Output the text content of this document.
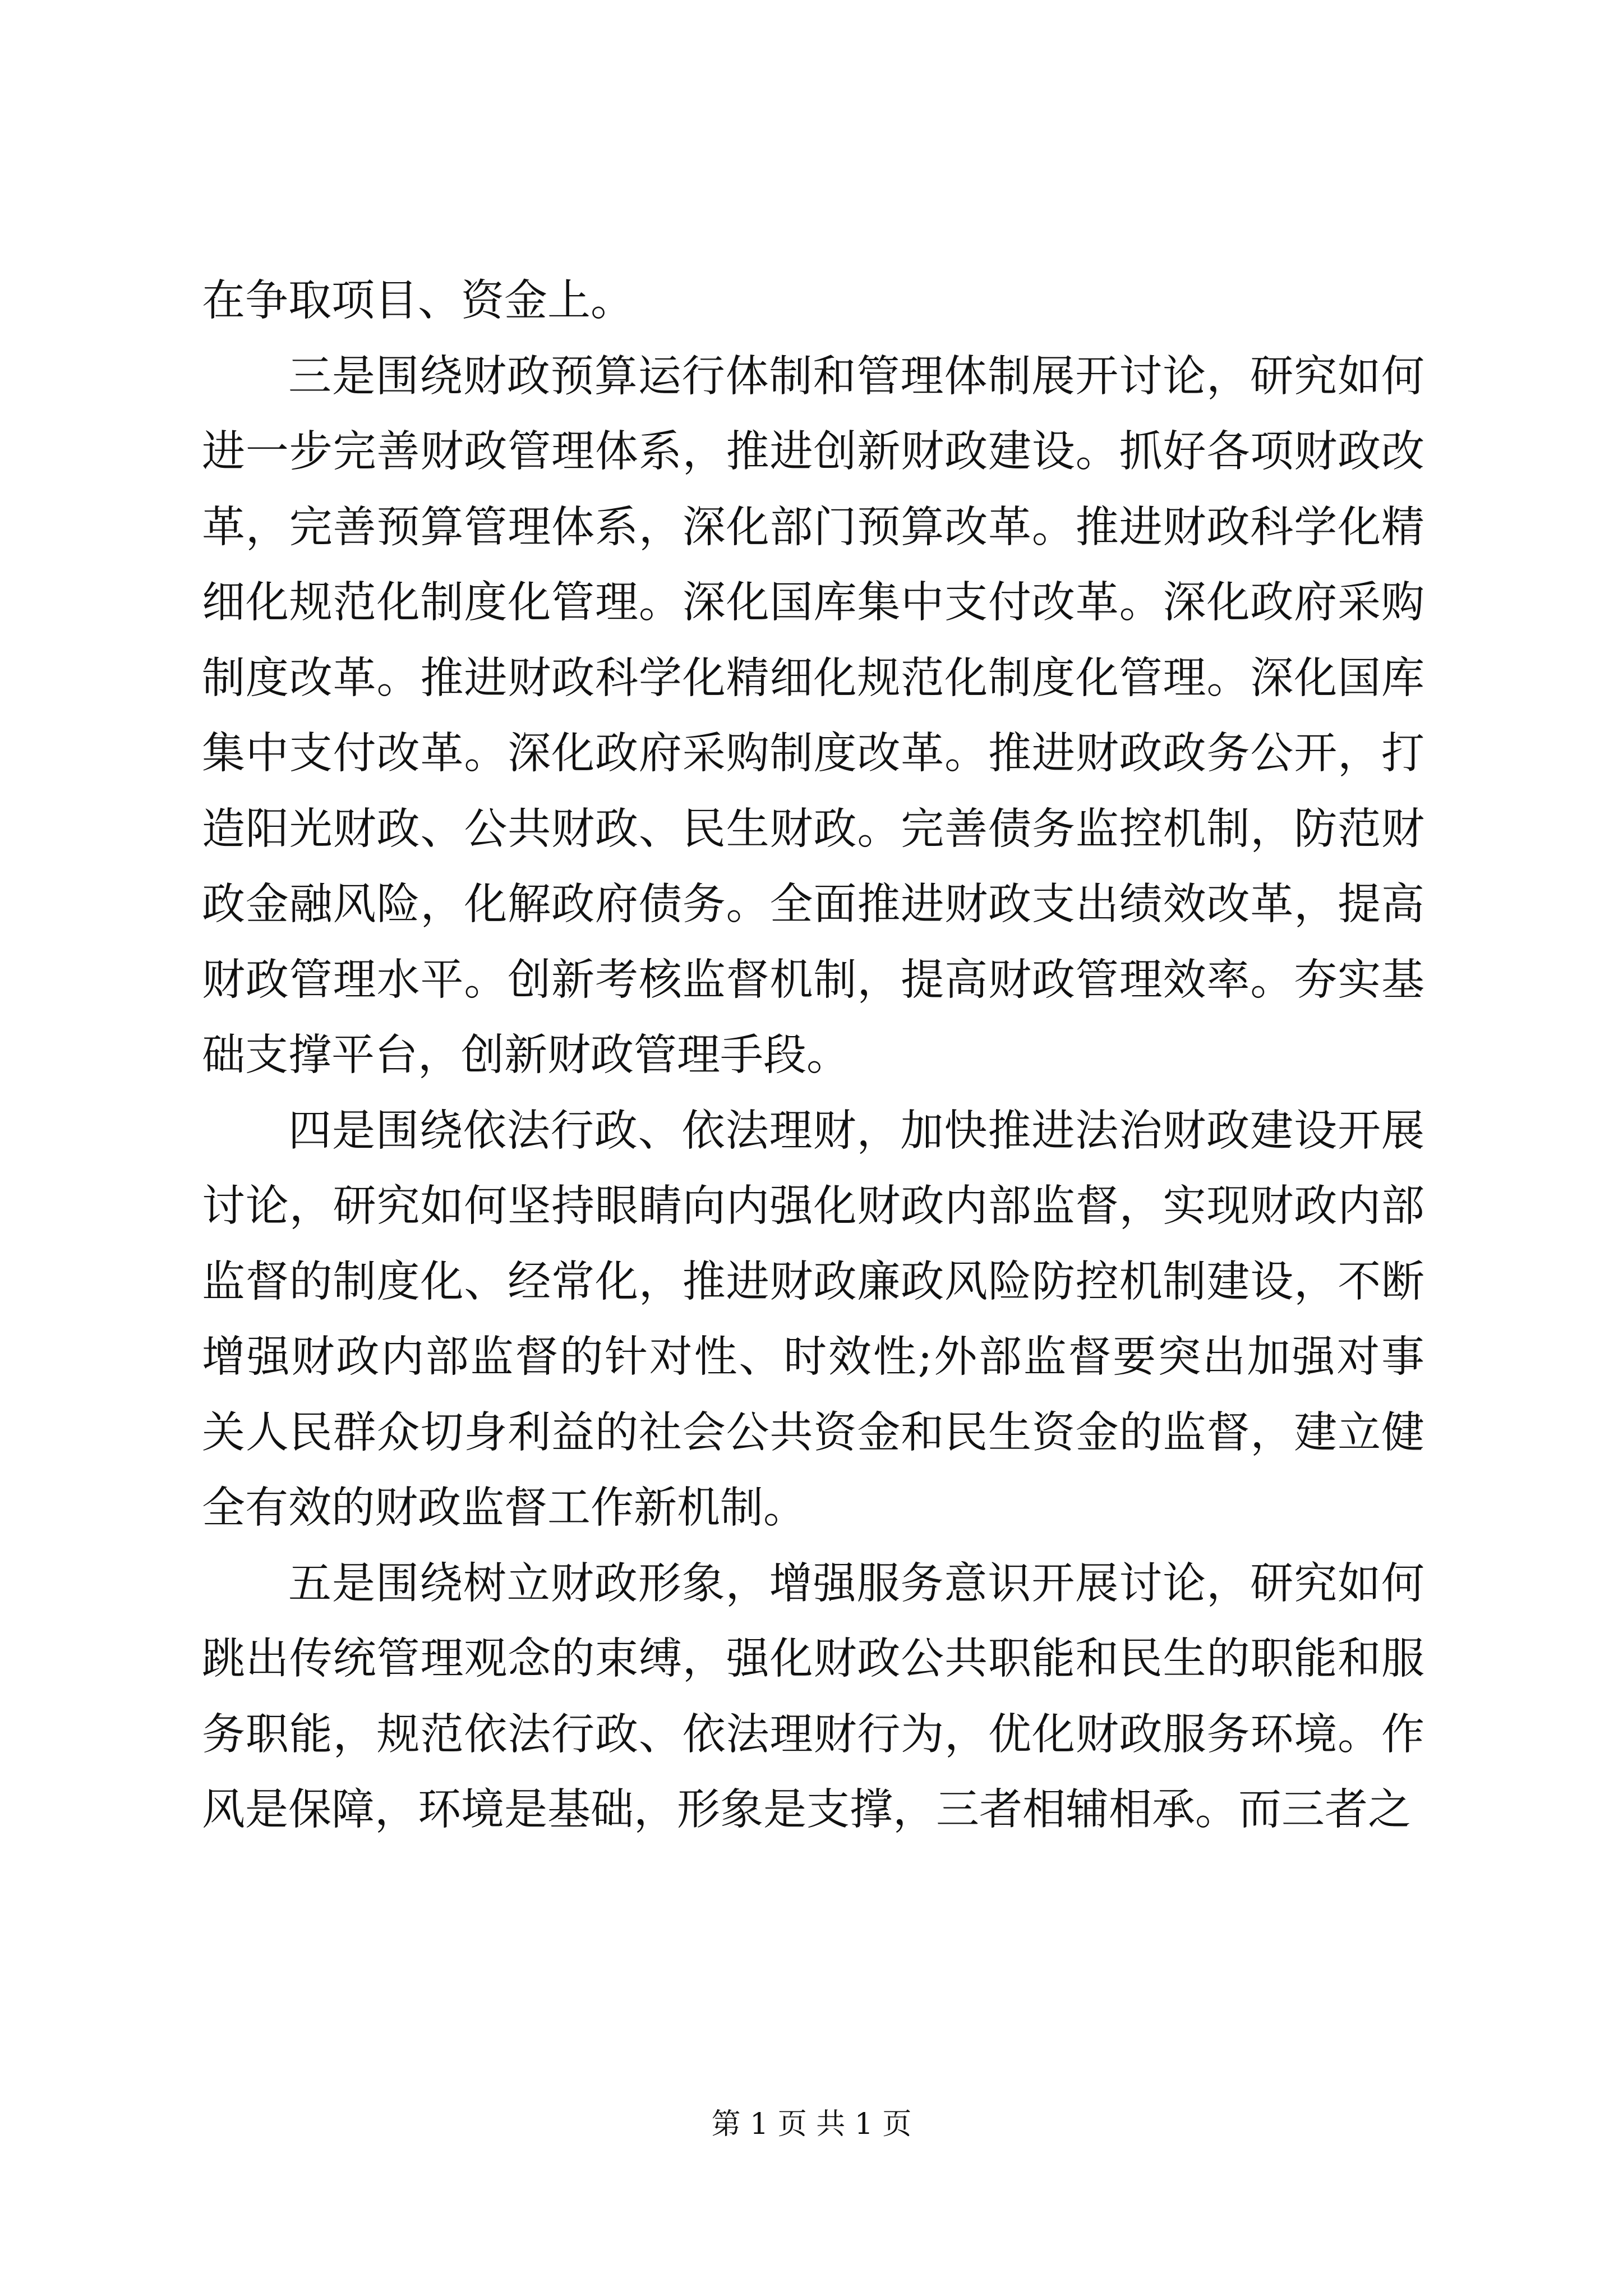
在争取项目、资金上。

三是围绕财政预算运行体制和管理体制展开讨论，研究如何进一步完善财政管理体系，推进创新财政建设。抓好各项财政改革，完善预算管理体系，深化部门预算改革。推进财政科学化精细化规范化制度化管理。深化国库集中支付改革。深化政府采购制度改革。推进财政科学化精细化规范化制度化管理。深化国库集中支付改革。深化政府采购制度改革。推进财政政务公开，打造阳光财政、公共财政、民生财政。完善债务监控机制，防范财政金融风险，化解政府债务。全面推进财政支出绩效改革，提高财政管理水平。创新考核监督机制，提高财政管理效率。夯实基础支撑平台，创新财政管理手段。

四是围绕依法行政、依法理财，加快推进法治财政建设开展讨论，研究如何坚持眼睛向内强化财政内部监督，实现财政内部监督的制度化、经常化，推进财政廉政风险防控机制建设，不断增强财政内部监督的针对性、时效性;外部监督要突出加强对事关人民群众切身利益的社会公共资金和民生资金的监督，建立健全有效的财政监督工作新机制。

五是围绕树立财政形象，增强服务意识开展讨论，研究如何跳出传统管理观念的束缚，强化财政公共职能和民生的职能和服务职能，规范依法行政、依法理财行为，优化财政服务环境。作风是保障，环境是基础，形象是支撑，三者相辅相承。而三者之

第 1 页 共 1 页
